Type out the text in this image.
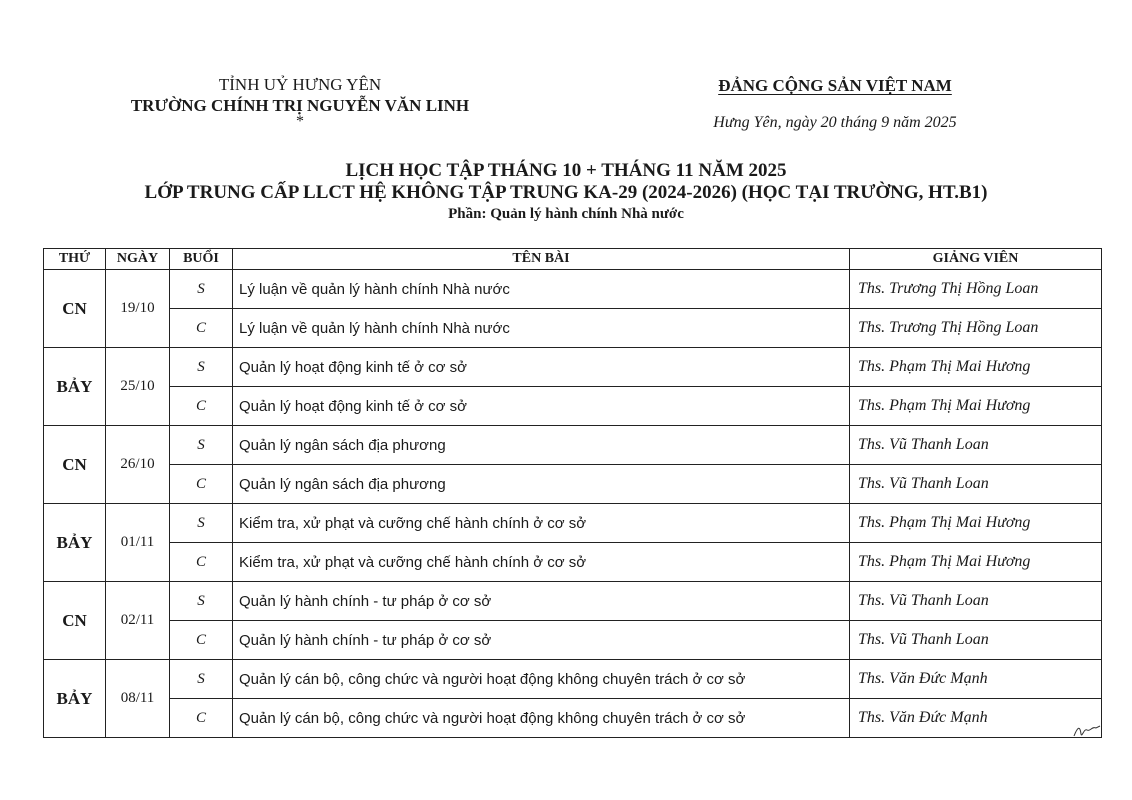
TỈNH UỶ HƯNG YÊN
TRƯỜNG CHÍNH TRỊ NGUYỄN VĂN LINH
*
ĐẢNG CỘNG SẢN VIỆT NAM
Hưng Yên, ngày 20 tháng 9 năm 2025
LỊCH HỌC TẬP THÁNG 10 + THÁNG 11 NĂM 2025
LỚP TRUNG CẤP LLCT HỆ KHÔNG TẬP TRUNG KA-29 (2024-2026) (HỌC TẠI TRƯỜNG, HT.B1)
Phần: Quản lý hành chính Nhà nước
THỨ	NGÀY	BUỔI	TÊN BÀI	GIẢNG VIÊN
CN	19/10	S	Lý luận về quản lý hành chính Nhà nước	Ths. Trương Thị Hồng Loan
		C	Lý luận về quản lý hành chính Nhà nước	Ths. Trương Thị Hồng Loan
BẢY	25/10	S	Quản lý hoạt động kinh tế ở cơ sở	Ths. Phạm Thị Mai Hương
		C	Quản lý hoạt động kinh tế ở cơ sở	Ths. Phạm Thị Mai Hương
CN	26/10	S	Quản lý ngân sách địa phương	Ths. Vũ Thanh Loan
		C	Quản lý ngân sách địa phương	Ths. Vũ Thanh Loan
BẢY	01/11	S	Kiểm tra, xử phạt và cưỡng chế hành chính ở cơ sở	Ths. Phạm Thị Mai Hương
		C	Kiểm tra, xử phạt và cưỡng chế hành chính ở cơ sở	Ths. Phạm Thị Mai Hương
CN	02/11	S	Quản lý hành chính - tư pháp ở cơ sở	Ths. Vũ Thanh Loan
		C	Quản lý hành chính - tư pháp ở cơ sở	Ths. Vũ Thanh Loan
BẢY	08/11	S	Quản lý cán bộ, công chức và người hoạt động không chuyên trách ở cơ sở	Ths. Văn Đức Mạnh
		C	Quản lý cán bộ, công chức và người hoạt động không chuyên trách ở cơ sở	Ths. Văn Đức Mạnh
